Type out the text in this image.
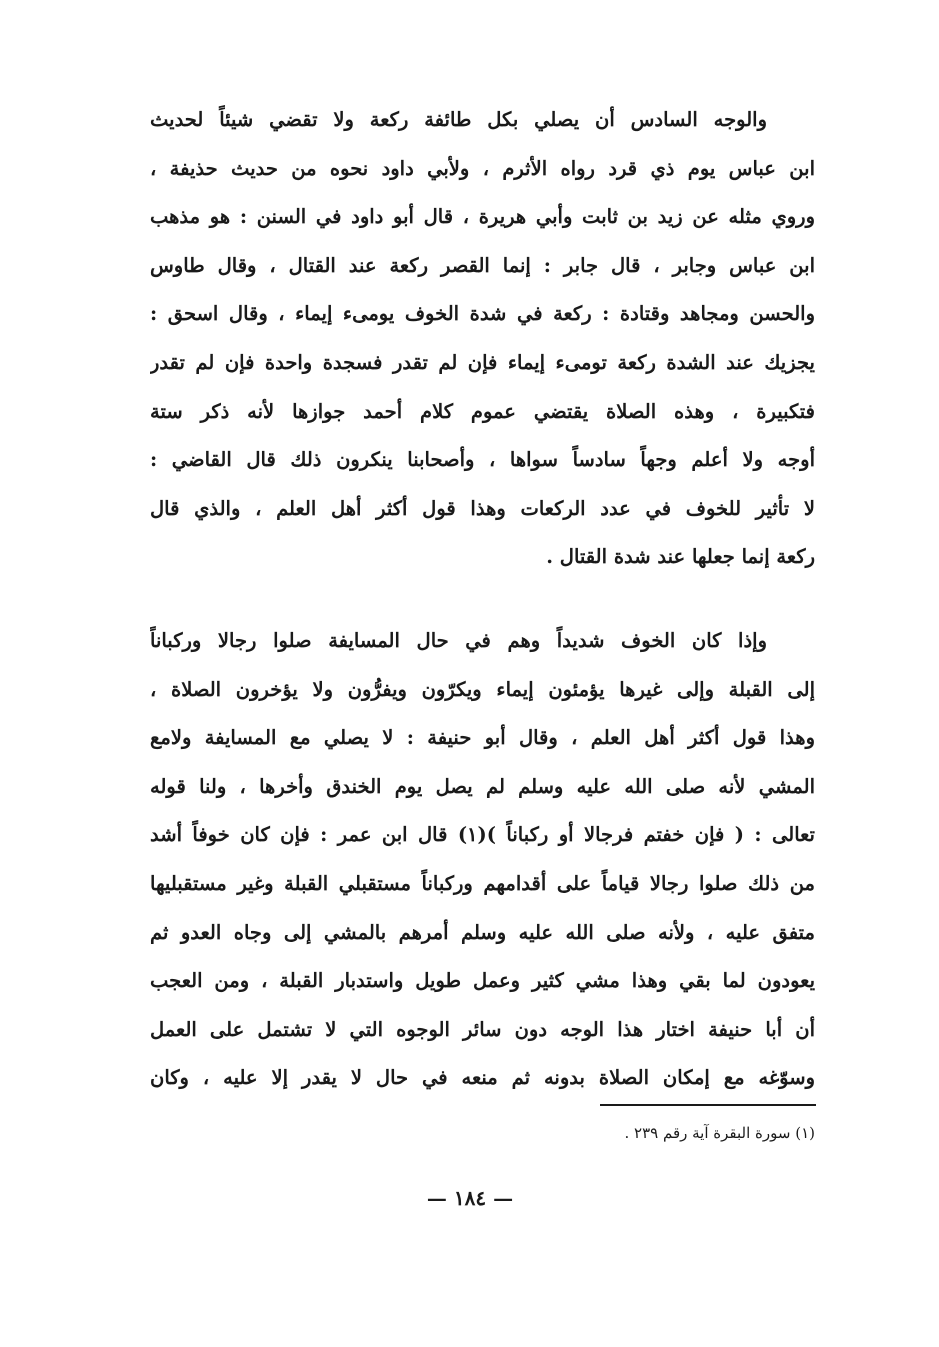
والوجه السادس أن يصلي بكل طائفة ركعة ولا تقضي شيئاً لحديث
ابن عباس يوم ذي قرد رواه الأثرم ، ولأبي داود نحوه من حديث حذيفة ،
وروي مثله عن زيد بن ثابت وأبي هريرة ، قال أبو داود في السنن : هو مذهب
ابن عباس وجابر ، قال جابر : إنما القصر ركعة عند القتال ، وقال طاوس
والحسن ومجاهد وقتادة : ركعة في شدة الخوف يومىء إيماء ، وقال اسحق :
يجزيك عند الشدة ركعة تومىء إيماء فإن لم تقدر فسجدة واحدة فإن لم تقدر
فتكبيرة ، وهذه الصلاة يقتضي عموم كلام أحمد جوازها لأنه ذكر ستة
أوجه ولا أعلم وجهاً سادساً سواها ، وأصحابنا ينكرون ذلك قال القاضي :
لا تأثير للخوف في عدد الركعات وهذا قول أكثر أهل العلم ، والذي قال
ركعة إنما جعلها عند شدة القتال .
وإذا كان الخوف شديداً وهم في حال المسايفة صلوا رجالا وركباناً
إلى القبلة وإلى غيرها يؤمئون إيماء ويكرّون ويفرُّون ولا يؤخرون الصلاة ،
وهذا قول أكثر أهل العلم ، وقال أبو حنيفة : لا يصلي مع المسايفة ولامع
المشي لأنه صلى الله عليه وسلم لم يصل يوم الخندق وأخرها ، ولنا قوله
تعالى : ( فإن خفتم فرجالا أو ركباناً )(١) قال ابن عمر : فإن كان خوفاً أشد
من ذلك صلوا رجالا قياماً على أقدامهم وركباناً مستقبلي القبلة وغير مستقبليها
متفق عليه ، ولأنه صلى الله عليه وسلم أمرهم بالمشي إلى وجاه العدو ثم
يعودون لما بقي وهذا مشي كثير وعمل طويل واستدبار القبلة ، ومن العجب
أن أبا حنيفة اختار هذا الوجه دون سائر الوجوه التي لا تشتمل على العمل
وسوّغه مع إمكان الصلاة بدونه ثم منعه في حال لا يقدر إلا عليه ، وكان
(١) سورة البقرة آية رقم ٢٣٩ .
— ١٨٤ —
